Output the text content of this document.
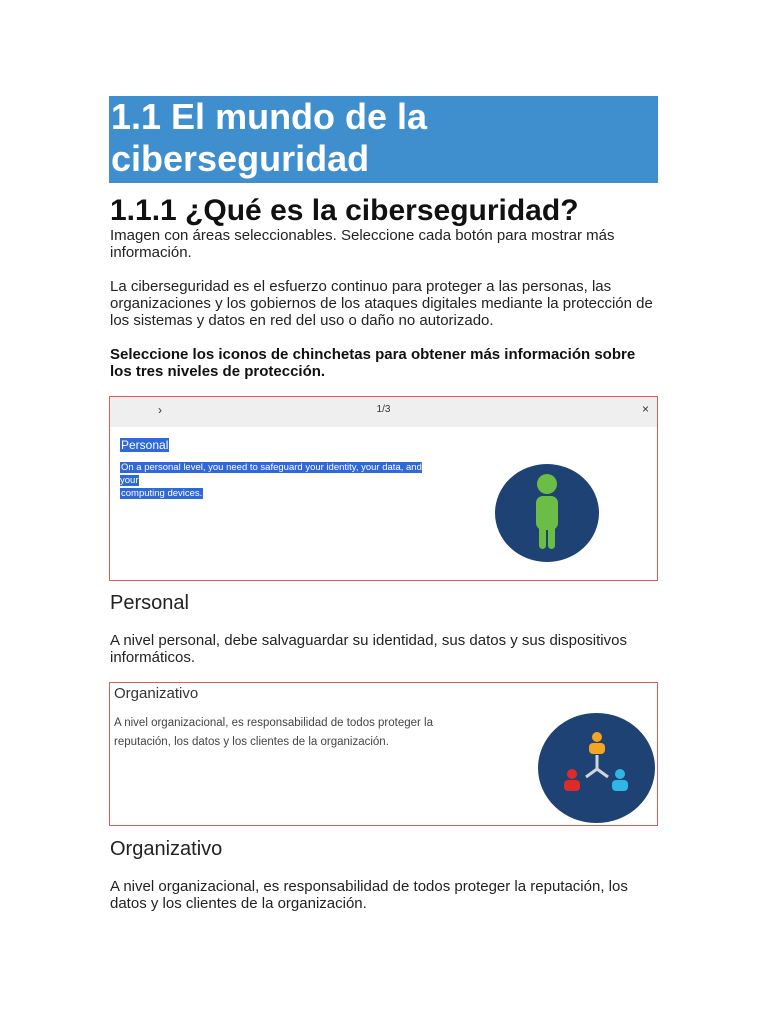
1.1 El mundo de la ciberseguridad
1.1.1 ¿Qué es la ciberseguridad?

Imagen con áreas seleccionables. Seleccione cada botón para mostrar más información.

La ciberseguridad es el esfuerzo continuo para proteger a las personas, las organizaciones y los gobiernos de los ataques digitales mediante la protección de los sistemas y datos en red del uso o daño no autorizado.

Seleccione los iconos de chinchetas para obtener más información sobre los tres niveles de protección.

›	1/3	×
Personal
On a personal level, you need to safeguard your identity, your data, and your
computing devices.
Personal

A nivel personal, debe salvaguardar su identidad, sus datos y sus dispositivos informáticos.

Organizativo
A nivel organizacional, es responsabilidad de todos proteger la
reputación, los datos y los clientes de la organización.
Organizativo

A nivel organizacional, es responsabilidad de todos proteger la reputación, los datos y los clientes de la organización.
